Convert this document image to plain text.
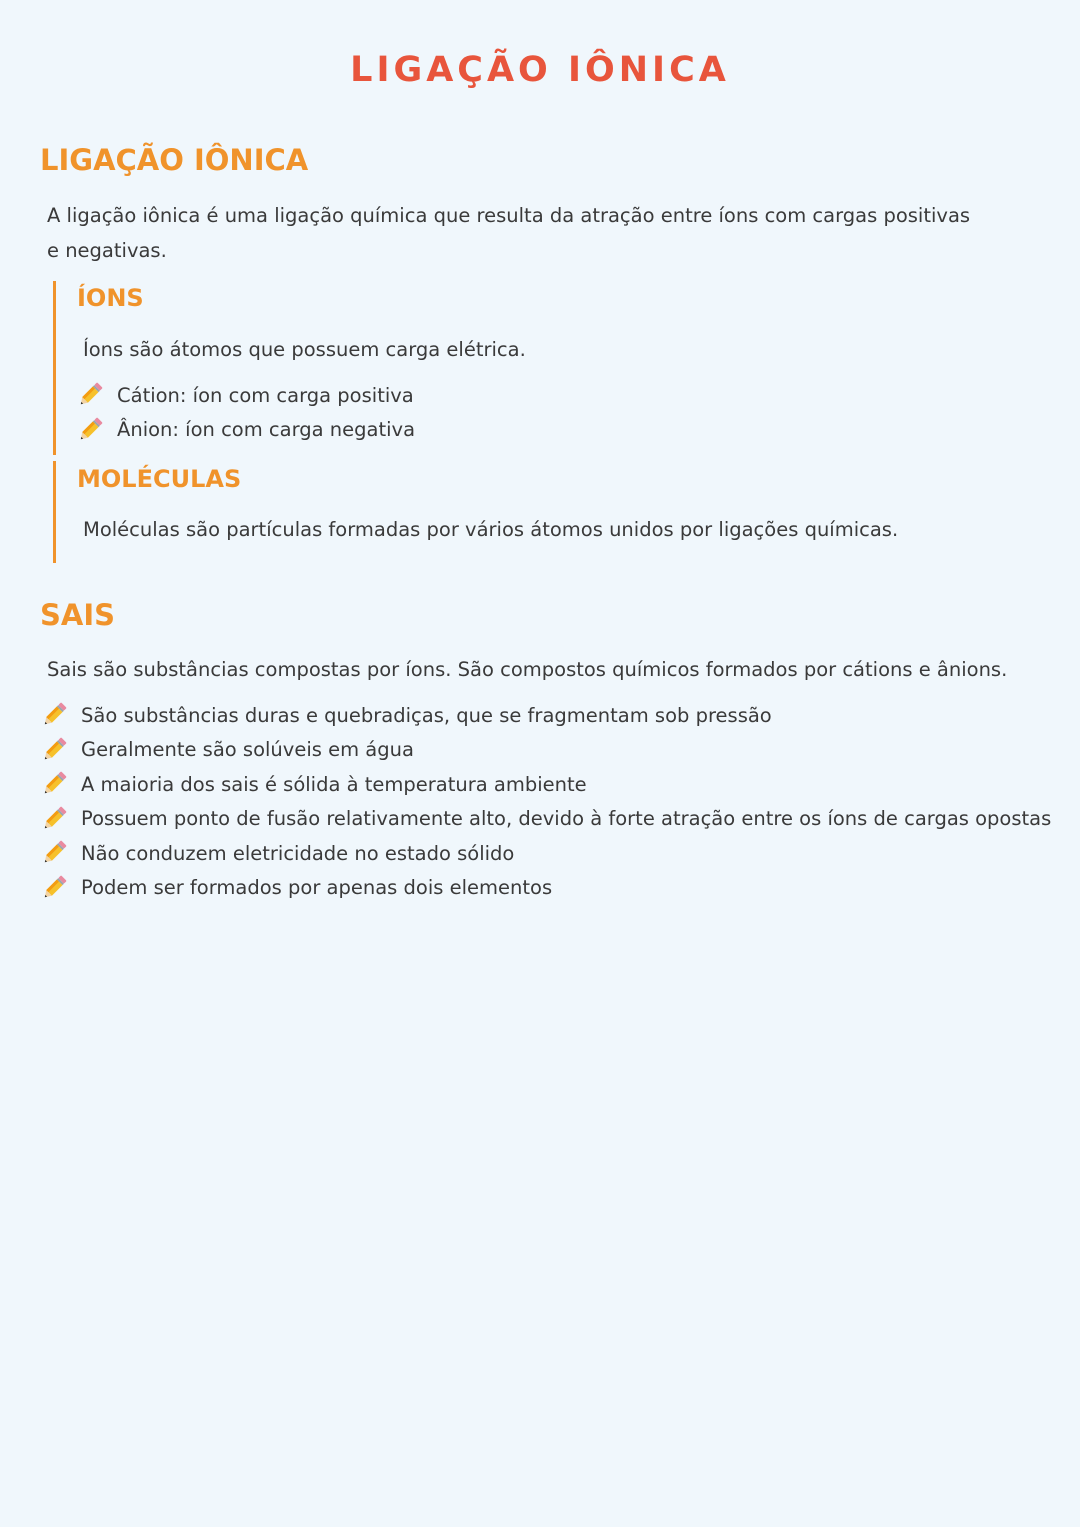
LIGAÇÃO IÔNICA
LIGAÇÃO IÔNICA

A ligação iônica é uma ligação química que resulta da atração entre íons com cargas positivas e negativas.

ÍONS

Íons são átomos que possuem carga elétrica.

Cátion: íon com carga positiva
Ânion: íon com carga negativa
MOLÉCULAS

Moléculas são partículas formadas por vários átomos unidos por ligações químicas.

SAIS

Sais são substâncias compostas por íons. São compostos químicos formados por cátions e ânions.

São substâncias duras e quebradiças, que se fragmentam sob pressão
Geralmente são solúveis em água
A maioria dos sais é sólida à temperatura ambiente
Possuem ponto de fusão relativamente alto, devido à forte atração entre os íons de cargas opostas
Não conduzem eletricidade no estado sólido
Podem ser formados por apenas dois elementos
